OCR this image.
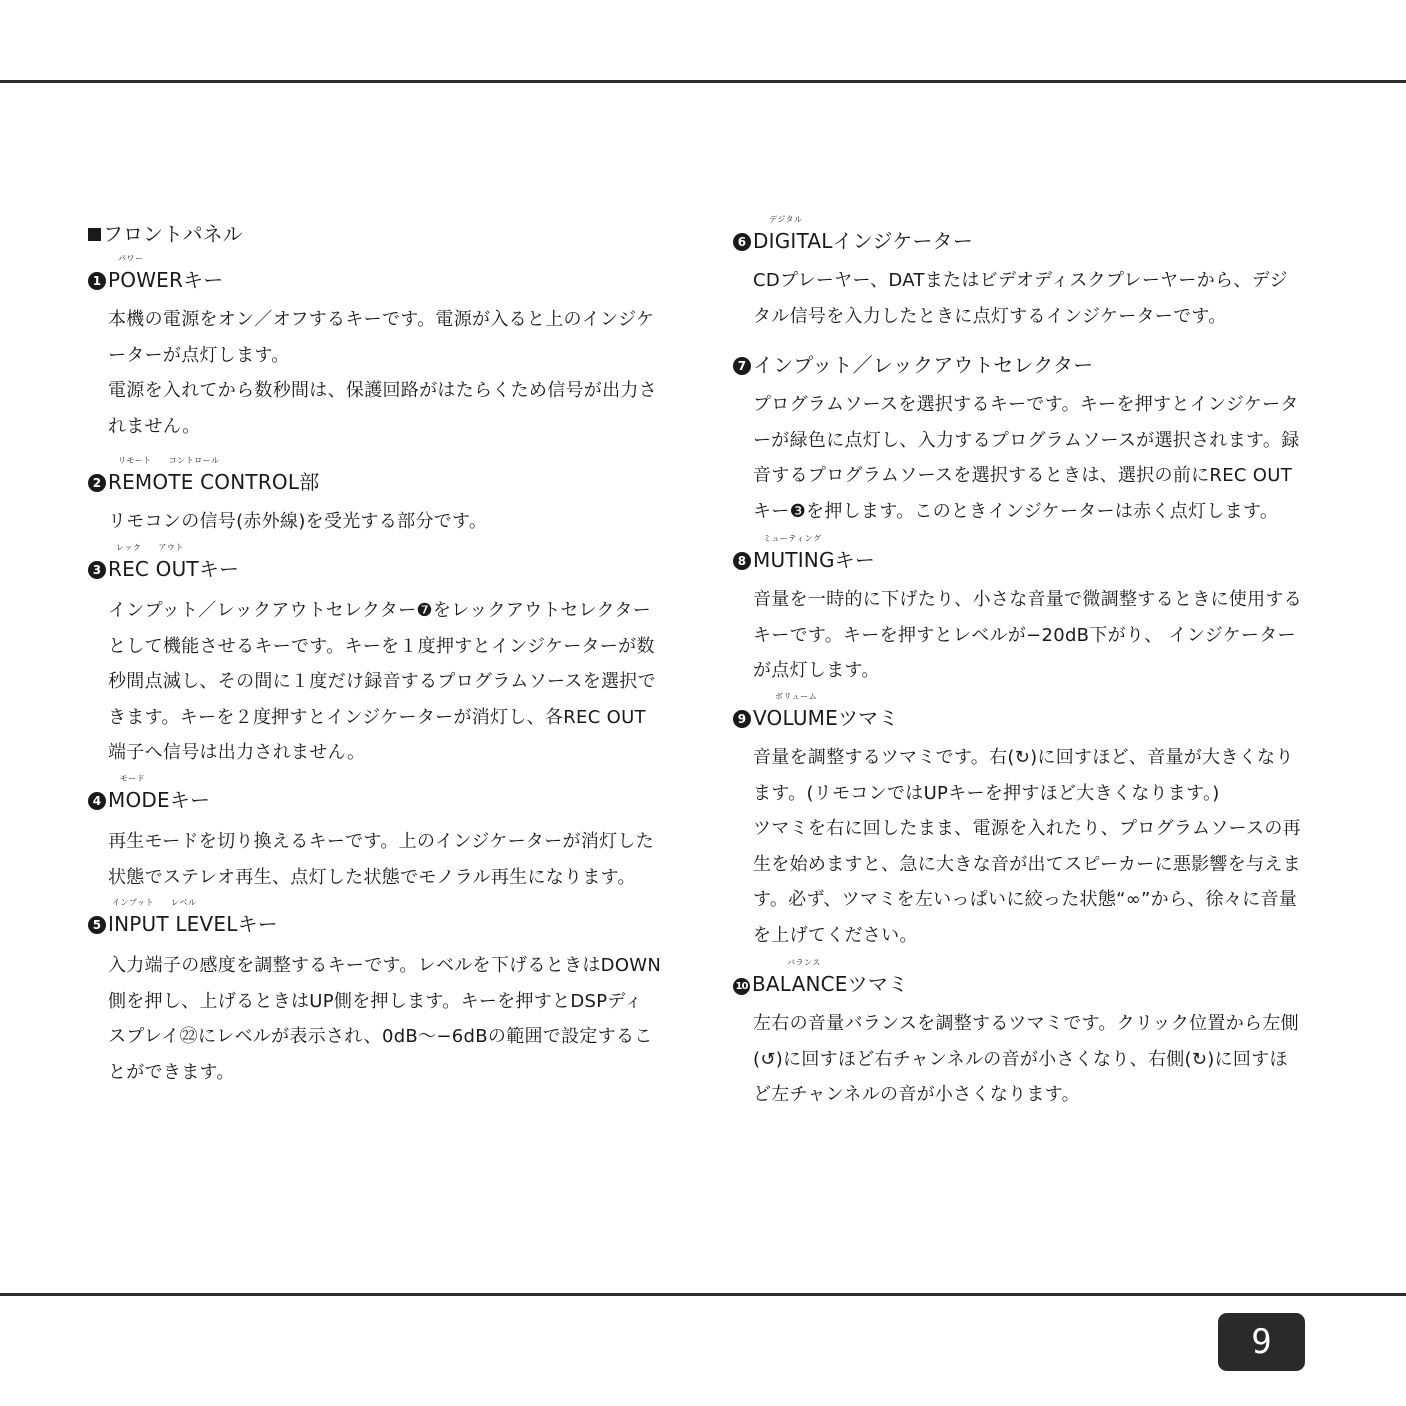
フロントパネル
1
パワー
POWERキー

本機の電源をオン／オフするキーです。電源が入ると上のインジケ
ーターが点灯します。
電源を入れてから数秒間は、保護回路がはたらくため信号が出力さ
れません。

2
リモート　　コントロール
REMOTE CONTROL部

リモコンの信号(赤外線)を受光する部分です。

3
レック　　アウト
REC OUTキー

インプット／レックアウトセレクター❼をレックアウトセレクター
として機能させるキーです。キーを１度押すとインジケーターが数
秒間点滅し、その間に１度だけ録音するプログラムソースを選択で
きます。キーを２度押すとインジケーターが消灯し、各REC OUT
端子へ信号は出力されません。

4
モード
MODEキー

再生モードを切り換えるキーです。上のインジケーターが消灯した
状態でステレオ再生、点灯した状態でモノラル再生になります。

5
インプット　　レベル
INPUT LEVELキー

入力端子の感度を調整するキーです。レベルを下げるときはDOWN
側を押し、上げるときはUP側を押します。キーを押すとDSPディ
スプレイ㉒にレベルが表示され、0dB〜−6dBの範囲で設定するこ
とができます。

6
デジタル
DIGITALインジケーター

CDプレーヤー、DATまたはビデオディスクプレーヤーから、デジ
タル信号を入力したときに点灯するインジケーターです。

7 インプット／レックアウトセレクター

プログラムソースを選択するキーです。キーを押すとインジケータ
ーが緑色に点灯し、入力するプログラムソースが選択されます。録
音するプログラムソースを選択するときは、選択の前にREC OUT
キー❸を押します。このときインジケーターは赤く点灯します。

8
ミューティング
MUTINGキー

音量を一時的に下げたり、小さな音量で微調整するときに使用する
キーです。キーを押すとレベルが−20dB下がり、 インジケーター
が点灯します。

9
ボリューム
VOLUMEツマミ

音量を調整するツマミです。右(↻)に回すほど、音量が大きくなり
ます。(リモコンではUPキーを押すほど大きくなります。)
ツマミを右に回したまま、電源を入れたり、プログラムソースの再
生を始めますと、急に大きな音が出てスピーカーに悪影響を与えま
す。必ず、ツマミを左いっぱいに絞った状態“∞”から、徐々に音量
を上げてください。

10
バランス
BALANCEツマミ

左右の音量バランスを調整するツマミです。クリック位置から左側
(↺)に回すほど右チャンネルの音が小さくなり、右側(↻)に回すほ
ど左チャンネルの音が小さくなります。

9
